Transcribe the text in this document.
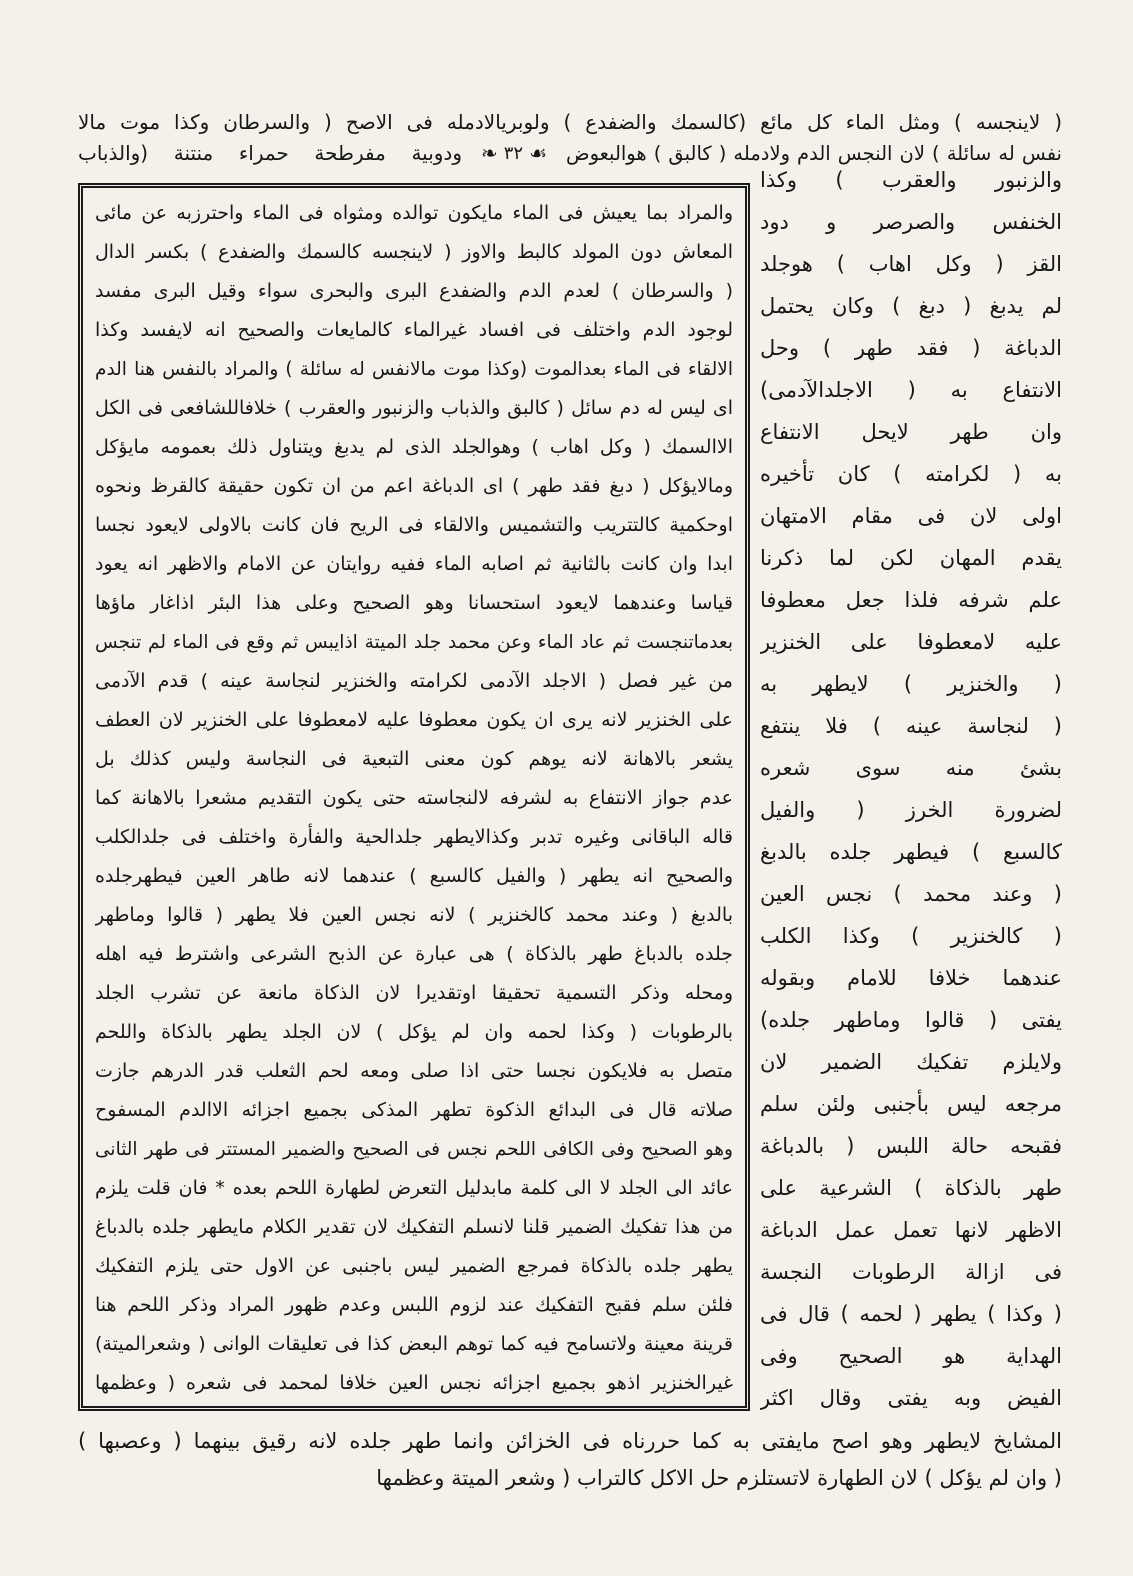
( لاينجسه ) ومثل الماء كل مائع (كالسمك والضفدع ) ولوبريالادمله فى الاصح ( والسرطان وكذا موت مالا
نفس له سائلة ) لان النجس الدم ولادمله ( كالبق ) هوالبعوض
☙
٣٢
❧
ودوبية مفرطحة حمراء منتنة (والذباب
والزنبور والعقرب ) وكذا
الخنفس والصرصر و دود
القز ( وكل اهاب ) هوجلد
لم يدبغ ( دبغ ) وكان يحتمل
الدباغة ( فقد طهر ) وحل
الانتفاع به ( الاجلدالآدمى)
وان طهر لايحل الانتفاع
به ( لكرامته ) كان تأخيره
اولى لان فى مقام الامتهان
يقدم المهان لكن لما ذكرنا
علم شرفه فلذا جعل معطوفا
عليه لامعطوفا على الخنزير
( والخنزير ) لايطهر به
( لنجاسة عينه ) فلا ينتفع
بشئ منه سوى شعره
لضرورة الخرز ( والفيل
كالسبع ) فيطهر جلده بالدبغ
( وعند محمد ) نجس العين
( كالخنزير ) وكذا الكلب
عندهما خلافا للامام وبقوله
يفتى ( قالوا وماطهر جلده)
ولايلزم تفكيك الضمير لان
مرجعه ليس بأجنبى ولئن سلم
فقبحه حالة اللبس ( بالدباغة
طهر بالذكاة ) الشرعية على
الاظهر لانها تعمل عمل الدباغة
فى ازالة الرطوبات النجسة
( وكذا ) يطهر ( لحمه ) قال فى
الهداية هو الصحيح وفى
الفيض وبه يفتى وقال اكثر
والمراد بما يعيش فى الماء مايكون توالده ومثواه فى الماء واحترزبه عن مائى
المعاش دون المولد كالبط والاوز ( لاينجسه كالسمك والضفدع ) بكسر الدال
( والسرطان ) لعدم الدم والضفدع البرى والبحرى سواء وقيل البرى مفسد
لوجود الدم واختلف فى افساد غيرالماء كالمايعات والصحيح انه لايفسد وكذا
الالقاء فى الماء بعدالموت (وكذا موت مالانفس له سائلة ) والمراد بالنفس هنا الدم
اى ليس له دم سائل ( كالبق والذباب والزنبور والعقرب ) خلافاللشافعى فى الكل
الاالسمك ( وكل اهاب ) وهوالجلد الذى لم يدبغ ويتناول ذلك بعمومه مايؤكل
ومالايؤكل ( دبغ فقد طهر ) اى الدباغة اعم من ان تكون حقيقة كالقرظ ونحوه
اوحكمية كالتتريب والتشميس والالقاء فى الريح فان كانت بالاولى لايعود نجسا
ابدا وان كانت بالثانية ثم اصابه الماء ففيه روايتان عن الامام والاظهر انه يعود
قياسا وعندهما لايعود استحسانا وهو الصحيح وعلى هذا البئر اذاغار ماؤها
بعدماتنجست ثم عاد الماء وعن محمد جلد الميتة اذايبس ثم وقع فى الماء لم تنجس
من غير فصل ( الاجلد الآدمى لكرامته والخنزير لنجاسة عينه ) قدم الآدمى
على الخنزير لانه يرى ان يكون معطوفا عليه لامعطوفا على الخنزير لان العطف
يشعر بالاهانة لانه يوهم كون معنى التبعية فى النجاسة وليس كذلك بل
عدم جواز الانتفاع به لشرفه لالنجاسته حتى يكون التقديم مشعرا بالاهانة كما
قاله الباقانى وغيره تدبر وكذالايطهر جلدالحية والفأرة واختلف فى جلدالكلب
والصحيح انه يطهر ( والفيل كالسبع ) عندهما لانه طاهر العين فيطهرجلده
بالدبغ ( وعند محمد كالخنزير ) لانه نجس العين فلا يطهر ( قالوا وماطهر
جلده بالدباغ طهر بالذكاة ) هى عبارة عن الذبح الشرعى واشترط فيه اهله
ومحله وذكر التسمية تحقيقا اوتقديرا لان الذكاة مانعة عن تشرب الجلد
بالرطوبات ( وكذا لحمه وان لم يؤكل ) لان الجلد يطهر بالذكاة واللحم
متصل به فلايكون نجسا حتى اذا صلى ومعه لحم الثعلب قدر الدرهم جازت
صلاته قال فى البدائع الذكوة تطهر المذكى بجميع اجزائه الاالدم المسفوح
وهو الصحيح وفى الكافى اللحم نجس فى الصحيح والضمير المستتر فى طهر الثانى
عائد الى الجلد لا الى كلمة مابدليل التعرض لطهارة اللحم بعده * فان قلت يلزم
من هذا تفكيك الضمير قلنا لانسلم التفكيك لان تقدير الكلام مايطهر جلده بالدباغ
يطهر جلده بالذكاة فمرجع الضمير ليس باجنبى عن الاول حتى يلزم التفكيك
فلئن سلم فقبح التفكيك عند لزوم اللبس وعدم ظهور المراد وذكر اللحم هنا
قرينة معينة ولاتسامح فيه كما توهم البعض كذا فى تعليقات الوانى ( وشعرالميتة)
غيرالخنزير اذهو بجميع اجزائه نجس العين خلافا لمحمد فى شعره ( وعظمها
المشايخ لايطهر وهو اصح مايفتى به كما حررناه فى الخزائن وانما طهر جلده لانه رقيق بينهما ( وعصبها )
( وان لم يؤكل ) لان الطهارة لاتستلزم حل الاكل كالتراب ( وشعر الميتة وعظمها
